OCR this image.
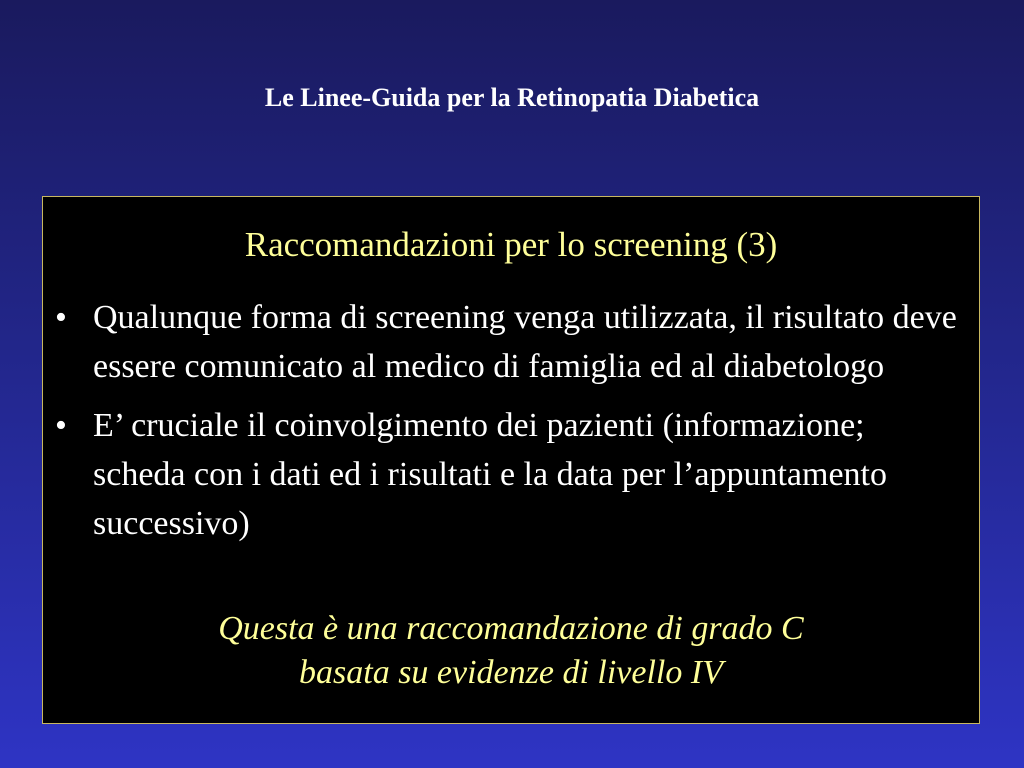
Le Linee-Guida per la Retinopatia Diabetica
Raccomandazioni per lo screening (3)
• Qualunque forma di screening venga utilizzata, il risultato deve essere comunicato al medico di famiglia ed al diabetologo
• E’ cruciale il coinvolgimento dei pazienti (informazione; scheda con i dati ed i risultati e la data per l’appuntamento successivo)
Questa è una raccomandazione di grado C
basata su evidenze di livello IV
